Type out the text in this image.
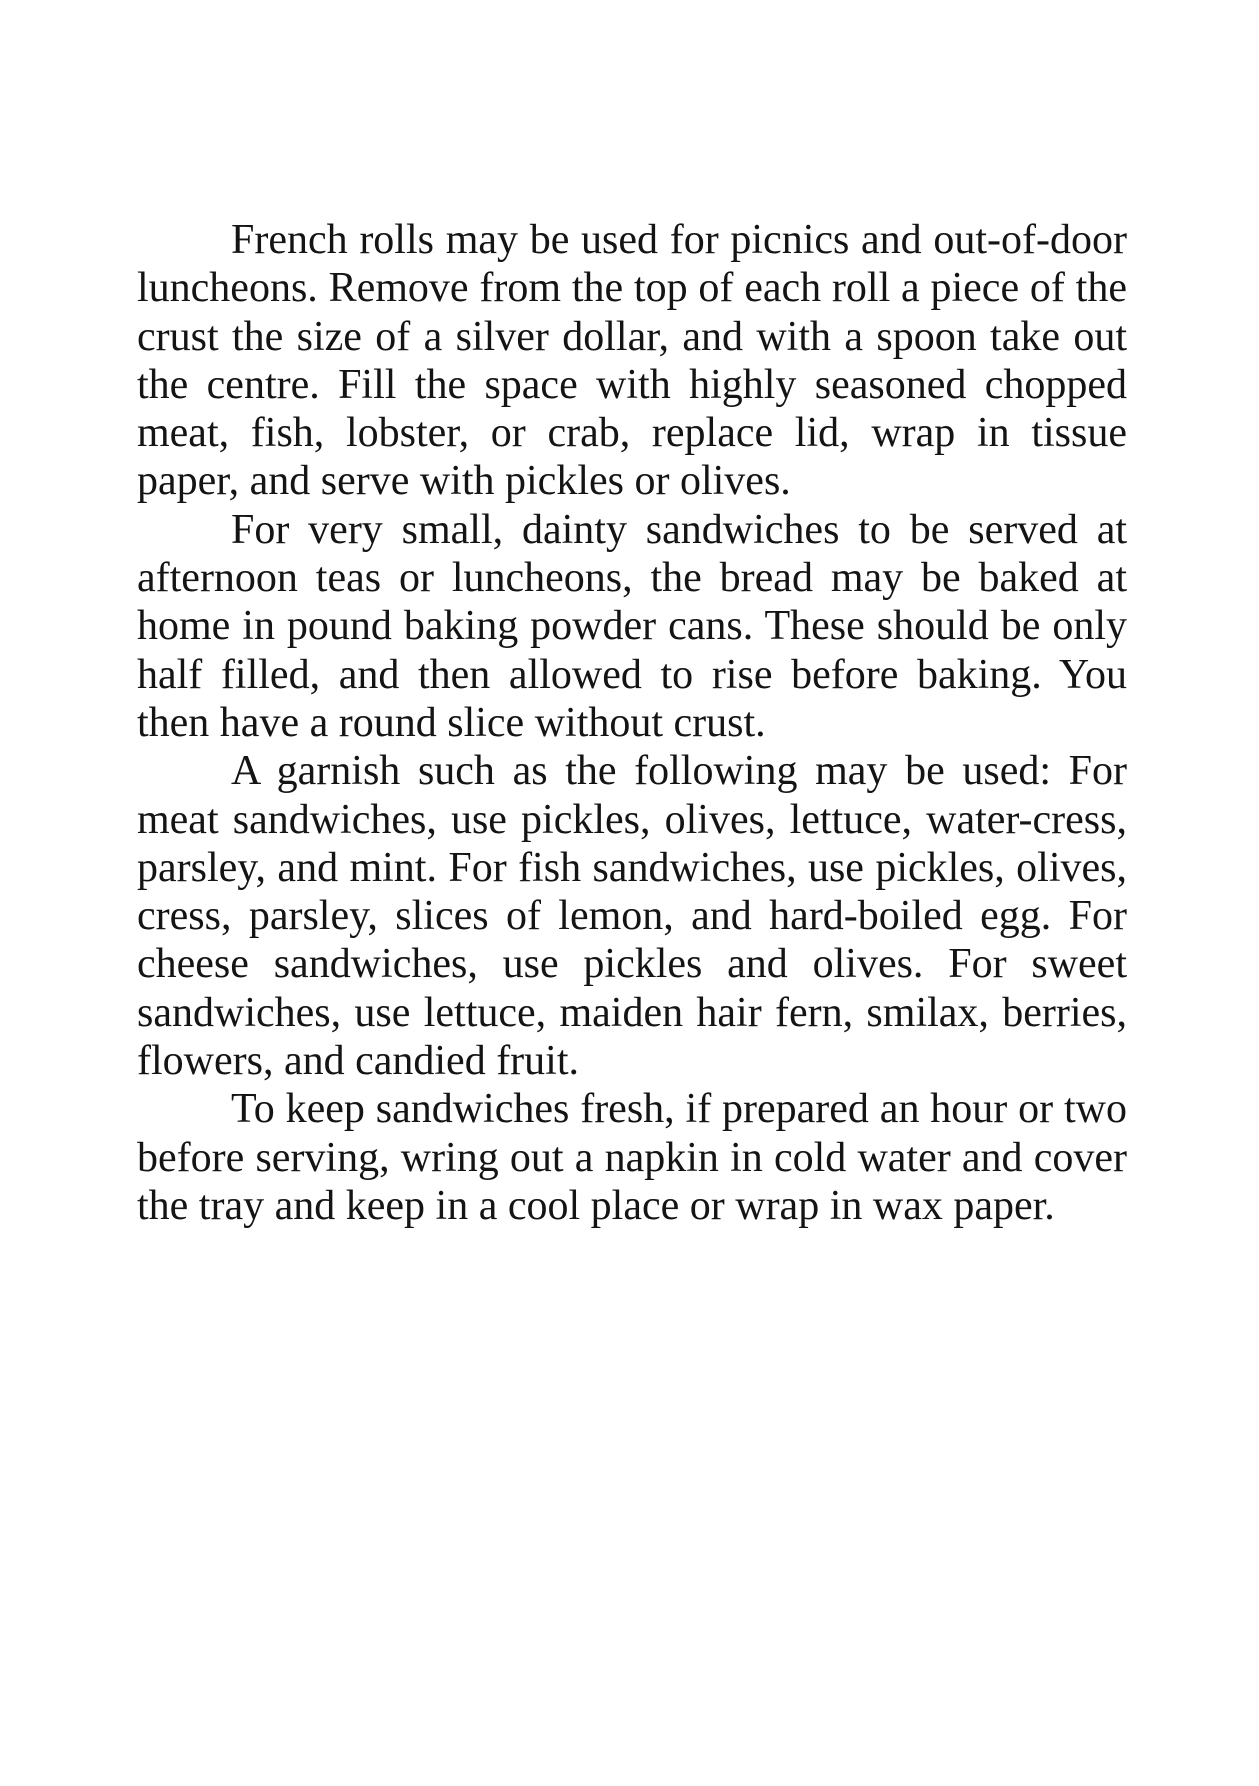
French rolls may be used for picnics and out-of-door luncheons. Remove from the top of each roll a piece of the crust the size of a silver dollar, and with a spoon take out the centre. Fill the space with highly seasoned chopped meat, fish, lobster, or crab, replace lid, wrap in tissue paper, and serve with pickles or olives.

For very small, dainty sandwiches to be served at afternoon teas or luncheons, the bread may be baked at home in pound baking powder cans. These should be only half filled, and then allowed to rise before baking. You then have a round slice without crust.

A garnish such as the following may be used: For meat sandwiches, use pickles, olives, lettuce, water-cress, parsley, and mint. For fish sandwiches, use pickles, olives, cress, parsley, slices of lemon, and hard-boiled egg. For cheese sandwiches, use pickles and olives. For sweet sandwiches, use lettuce, maiden hair fern, smilax, berries, flowers, and candied fruit.

To keep sandwiches fresh, if prepared an hour or two before serving, wring out a napkin in cold water and cover the tray and keep in a cool place or wrap in wax paper.
